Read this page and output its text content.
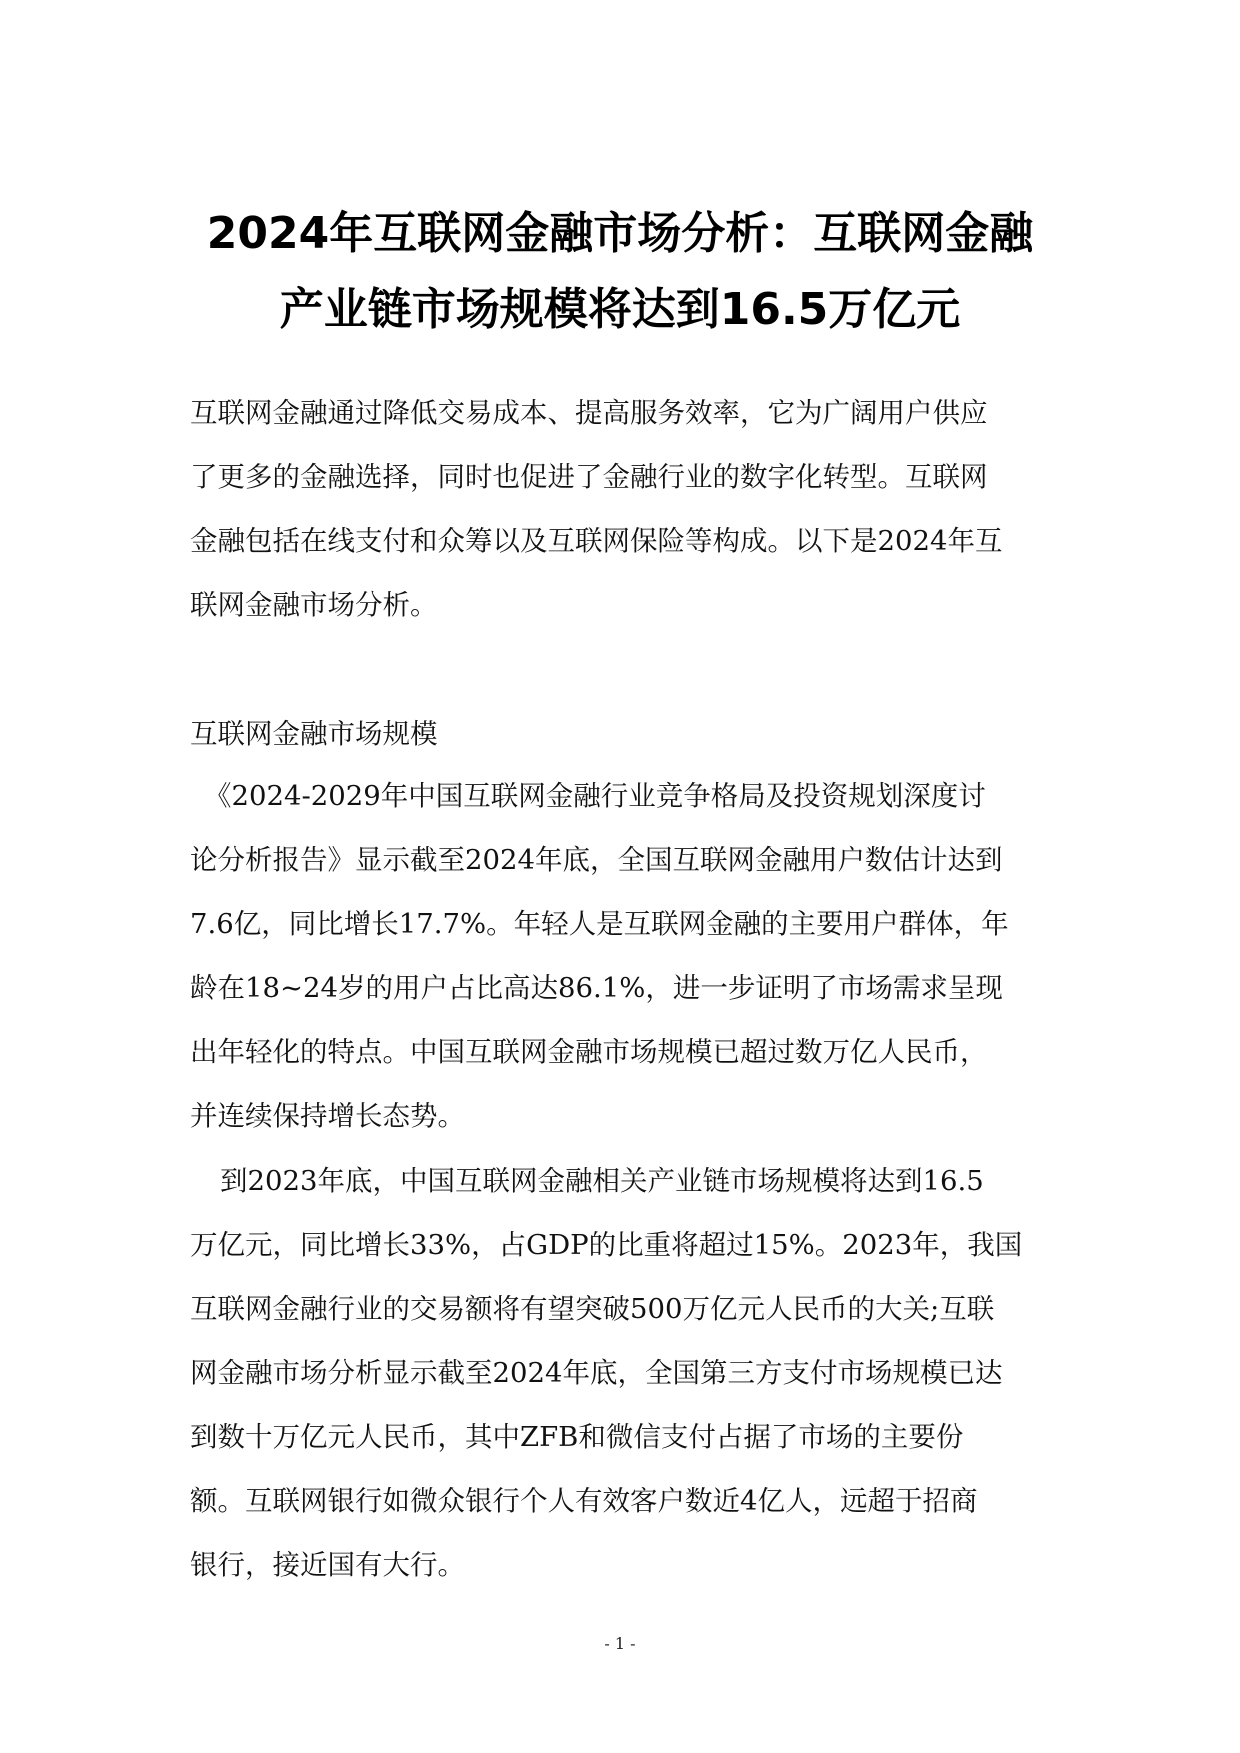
2024年互联网金融市场分析：互联网金融
产业链市场规模将达到16.5万亿元

互联网金融通过降低交易成本、提高服务效率，它为广阔用户供应
了更多的金融选择，同时也促进了金融行业的数字化转型。互联网
金融包括在线支付和众筹以及互联网保险等构成。以下是2024年互
联网金融市场分析。

互联网金融市场规模

《2024-2029年中国互联网金融行业竞争格局及投资规划深度讨
论分析报告》显示截至2024年底，全国互联网金融用户数估计达到
7.6亿，同比增长17.7%。年轻人是互联网金融的主要用户群体，年
龄在18~24岁的用户占比高达86.1%，进一步证明了市场需求呈现
出年轻化的特点。中国互联网金融市场规模已超过数万亿人民币，
并连续保持增长态势。

到2023年底，中国互联网金融相关产业链市场规模将达到16.5
万亿元，同比增长33%，占GDP的比重将超过15%。2023年，我国
互联网金融行业的交易额将有望突破500万亿元人民币的大关;互联
网金融市场分析显示截至2024年底，全国第三方支付市场规模已达
到数十万亿元人民币，其中ZFB和微信支付占据了市场的主要份
额。互联网银行如微众银行个人有效客户数近4亿人，远超于招商
银行，接近国有大行。

- 1 -
